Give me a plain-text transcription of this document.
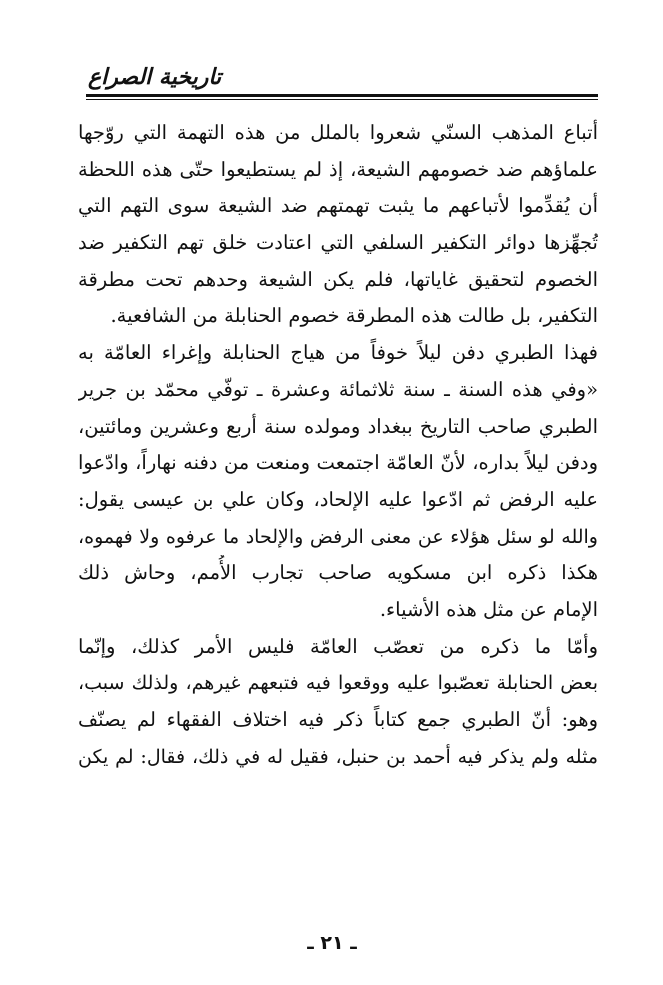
تاريخية الصراع
أتباع المذهب السنّي شعروا بالملل من هذه التهمة التي روّجها
علماؤهم ضد خصومهم الشيعة، إذ لم يستطيعوا حتّى هذه اللحظة
أن يُقدِّموا لأتباعهم ما يثبت تهمتهم ضد الشيعة سوى التهم التي
تُجهِّزها دوائر التكفير السلفي التي اعتادت خلق تهم التكفير ضد
الخصوم لتحقيق غاياتها، فلم يكن الشيعة وحدهم تحت مطرقة
التكفير، بل طالت هذه المطرقة خصوم الحنابلة من الشافعية.
فهذا الطبري دفن ليلاً خوفاً من هياج الحنابلة وإغراء العامّة به
«وفي هذه السنة ـ سنة ثلاثمائة وعشرة ـ توفّي محمّد بن جرير
الطبري صاحب التاريخ ببغداد ومولده سنة أربع وعشرين ومائتين،
ودفن ليلاً بداره، لأنّ العامّة اجتمعت ومنعت من دفنه نهاراً، وادّعوا
عليه الرفض ثم ادّعوا عليه الإلحاد، وكان علي بن عيسى يقول:
والله لو سئل هؤلاء عن معنى الرفض والإلحاد ما عرفوه ولا فهموه،
هكذا ذكره ابن مسكويه صاحب تجارب الأُمم، وحاش ذلك
الإمام عن مثل هذه الأشياء.
وأمّا ما ذكره من تعصّب العامّة فليس الأمر كذلك، وإنّما
بعض الحنابلة تعصّبوا عليه ووقعوا فيه فتبعهم غيرهم، ولذلك سبب،
وهو: أنّ الطبري جمع كتاباً ذكر فيه اختلاف الفقهاء لم يصنّف
مثله ولم يذكر فيه أحمد بن حنبل، فقيل له في ذلك، فقال: لم يكن
ـ ٢١ ـ
